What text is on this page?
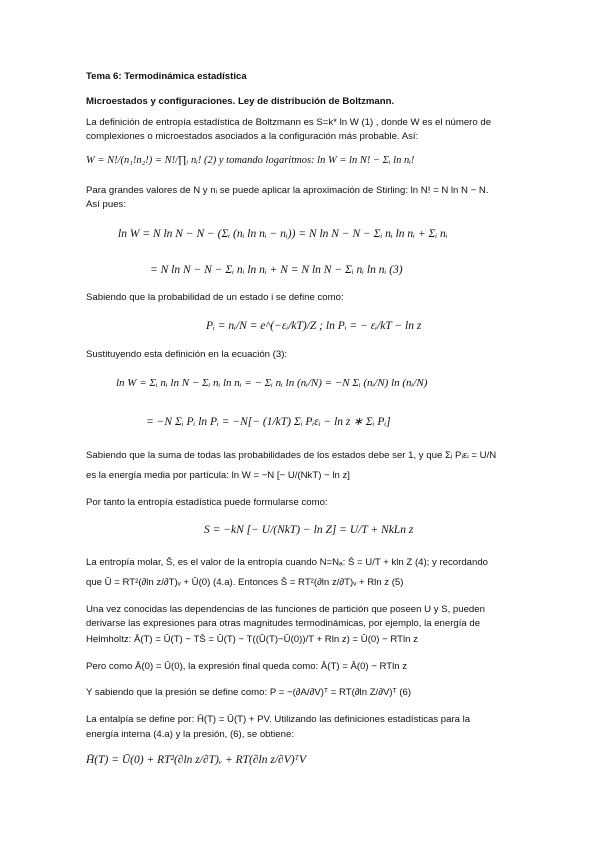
Tema 6: Termodinámica estadística
Microestados y configuraciones. Ley de distribución de Boltzmann.
La definición de entropía estadística de Boltzmann es S=k* ln W (1) , donde W es el número de
complexiones o microestados asociados a la configuración más probable. Así:
W = N!/(n₁!n₂!) = N!/∏ᵢ nᵢ! (2) y tomando logaritmos: ln W = ln N! − Σᵢ ln nᵢ!
Para grandes valores de N y nᵢ se puede aplicar la aproximación de Stirling: ln N! = N ln N − N.
Así pues:
ln W = N ln N − N − (Σᵢ (nᵢ ln nᵢ − nᵢ)) = N ln N − N − Σᵢ nᵢ ln nᵢ + Σᵢ nᵢ
= N ln N − N − Σᵢ nᵢ ln nᵢ + N = N ln N − Σᵢ nᵢ ln nᵢ (3)
Sabiendo que la probabilidad de un estado i se define como:
Pᵢ = nᵢ/N = e^(−εᵢ/kT)/Z ; ln Pᵢ = − εᵢ/kT − ln z
Sustituyendo esta definición en la ecuación (3):
ln W = Σᵢ nᵢ ln N − Σᵢ nᵢ ln nᵢ = − Σᵢ nᵢ ln (nᵢ/N) = −N Σᵢ (nᵢ/N) ln (nᵢ/N)
= −N Σᵢ Pᵢ ln Pᵢ = −N[− (1/kT) Σᵢ Pᵢεᵢ − ln z ∗ Σᵢ Pᵢ]
Sabiendo que la suma de todas las probabilidades de los estados debe ser 1, y que Σᵢ Pᵢεᵢ = U/N
es la energía media por partícula: ln W = −N [− U/(NkT) − ln z]
Por tanto la entropía estadística puede formularse como:
S = −kN [− U/(NkT) − ln Z] = U/T + NkLn z
La entropía molar, S̄, es el valor de la entropía cuando N=Nₐ: S̄ = U/T + kln Z (4); y recordando
que Ū = RT²(∂ln z/∂T)ᵥ + Ū(0) (4.a). Entonces S̄ = RT²(∂ln z/∂T)ᵥ + Rln z (5)
Una vez conocidas las dependencias de las funciones de partición que poseen U y S, pueden
derivarse las expresiones para otras magnitudes termodinámicas, por ejemplo, la energía de
Helmholtz: Ā(T) = Ū(T) − TS̄ = Ū(T) − T((Ū(T)−Ū(0))/T + Rln z) = Ū(0) − RTln z
Pero como Ā(0) = Ū(0), la expresión final queda como: Ā(T) = Ā(0) − RTln z
Y sabiendo que la presión se define como: P = −(∂A/∂V)ᵀ = RT(∂ln Z/∂V)ᵀ (6)
La entalpía se define por: H̄(T) = Ū(T) + PV. Utilizando las definiciones estadísticas para la
energía interna (4.a) y la presión, (6), se obtiene:
H̄(T) = Ū(0) + RT²(∂ln z/∂T)ᵥ + RT(∂ln z/∂V)ᵀV
